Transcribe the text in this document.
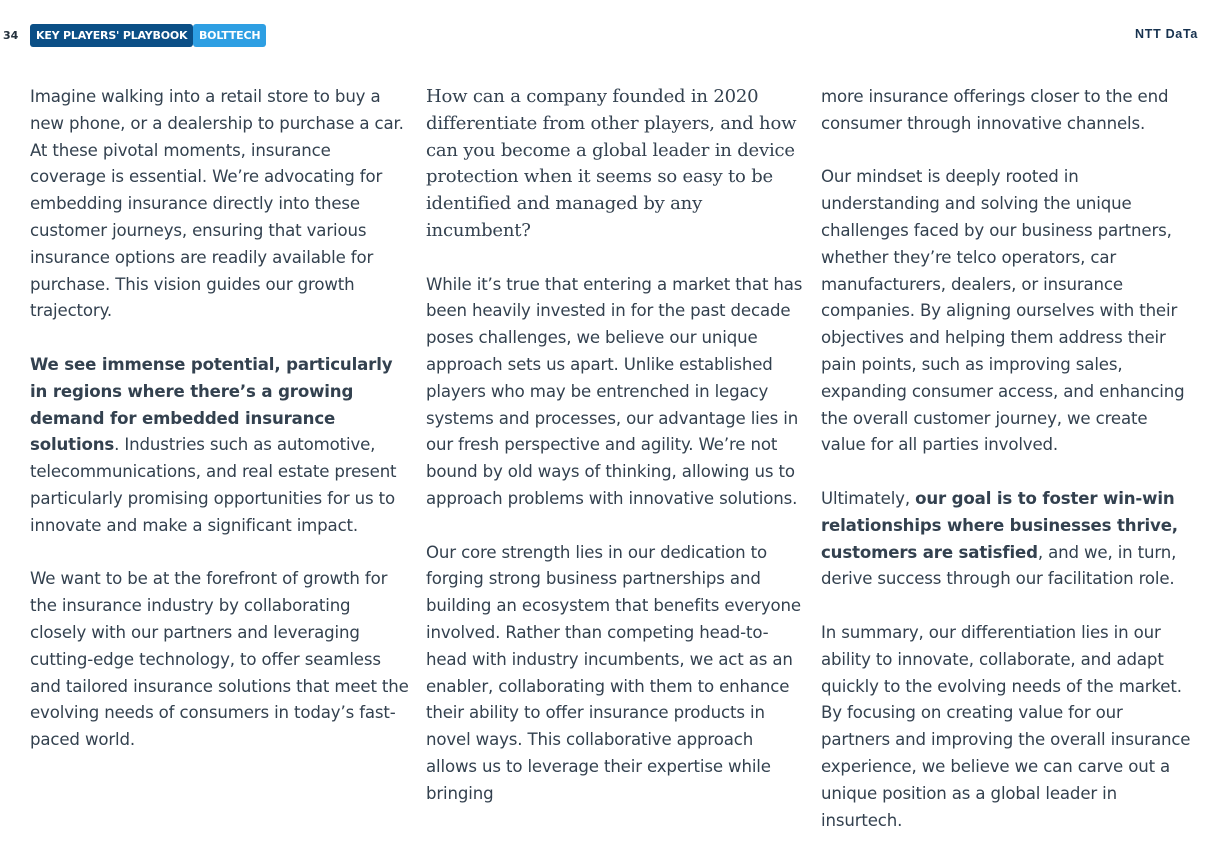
34	KEY PLAYERS' PLAYBOOK	BOLTTECH	NTT DaTa

Imagine walking into a retail store to buy a new phone, or a dealership to purchase a car. At these pivotal moments, insurance coverage is essential. We’re advocating for embedding insurance directly into these customer journeys, ensuring that various insurance options are readily available for purchase. This vision guides our growth trajectory.

We see immense potential, particularly in regions where there’s a growing demand for embedded insurance solutions. Industries such as automotive, telecommunications, and real estate present particularly promising opportunities for us to innovate and make a significant impact.

We want to be at the forefront of growth for the insurance industry by collaborating closely with our partners and leveraging cutting-edge technology, to offer seamless and tailored insurance solutions that meet the evolving needs of consumers in today’s fast-paced world.

How can a company founded in 2020 differentiate from other players, and how can you become a global leader in device protection when it seems so easy to be identified and managed by any incumbent?

While it’s true that entering a market that has been heavily invested in for the past decade poses challenges, we believe our unique approach sets us apart. Unlike established players who may be entrenched in legacy systems and processes, our advantage lies in our fresh perspective and agility. We’re not bound by old ways of thinking, allowing us to approach problems with innovative solutions.

Our core strength lies in our dedication to forging strong business partnerships and building an ecosystem that benefits everyone involved. Rather than competing head-to-head with industry incumbents, we act as an enabler, collaborating with them to enhance their ability to offer insurance products in novel ways. This collaborative approach allows us to leverage their expertise while bringing

more insurance offerings closer to the end consumer through innovative channels.

Our mindset is deeply rooted in understanding and solving the unique challenges faced by our business partners, whether they’re telco operators, car manufacturers, dealers, or insurance companies. By aligning ourselves with their objectives and helping them address their pain points, such as improving sales, expanding consumer access, and enhancing the overall customer journey, we create value for all parties involved.

Ultimately, our goal is to foster win-win relationships where businesses thrive, customers are satisfied, and we, in turn, derive success through our facilitation role.

In summary, our differentiation lies in our ability to innovate, collaborate, and adapt quickly to the evolving needs of the market. By focusing on creating value for our partners and improving the overall insurance experience, we believe we can carve out a unique position as a global leader in insurtech.
